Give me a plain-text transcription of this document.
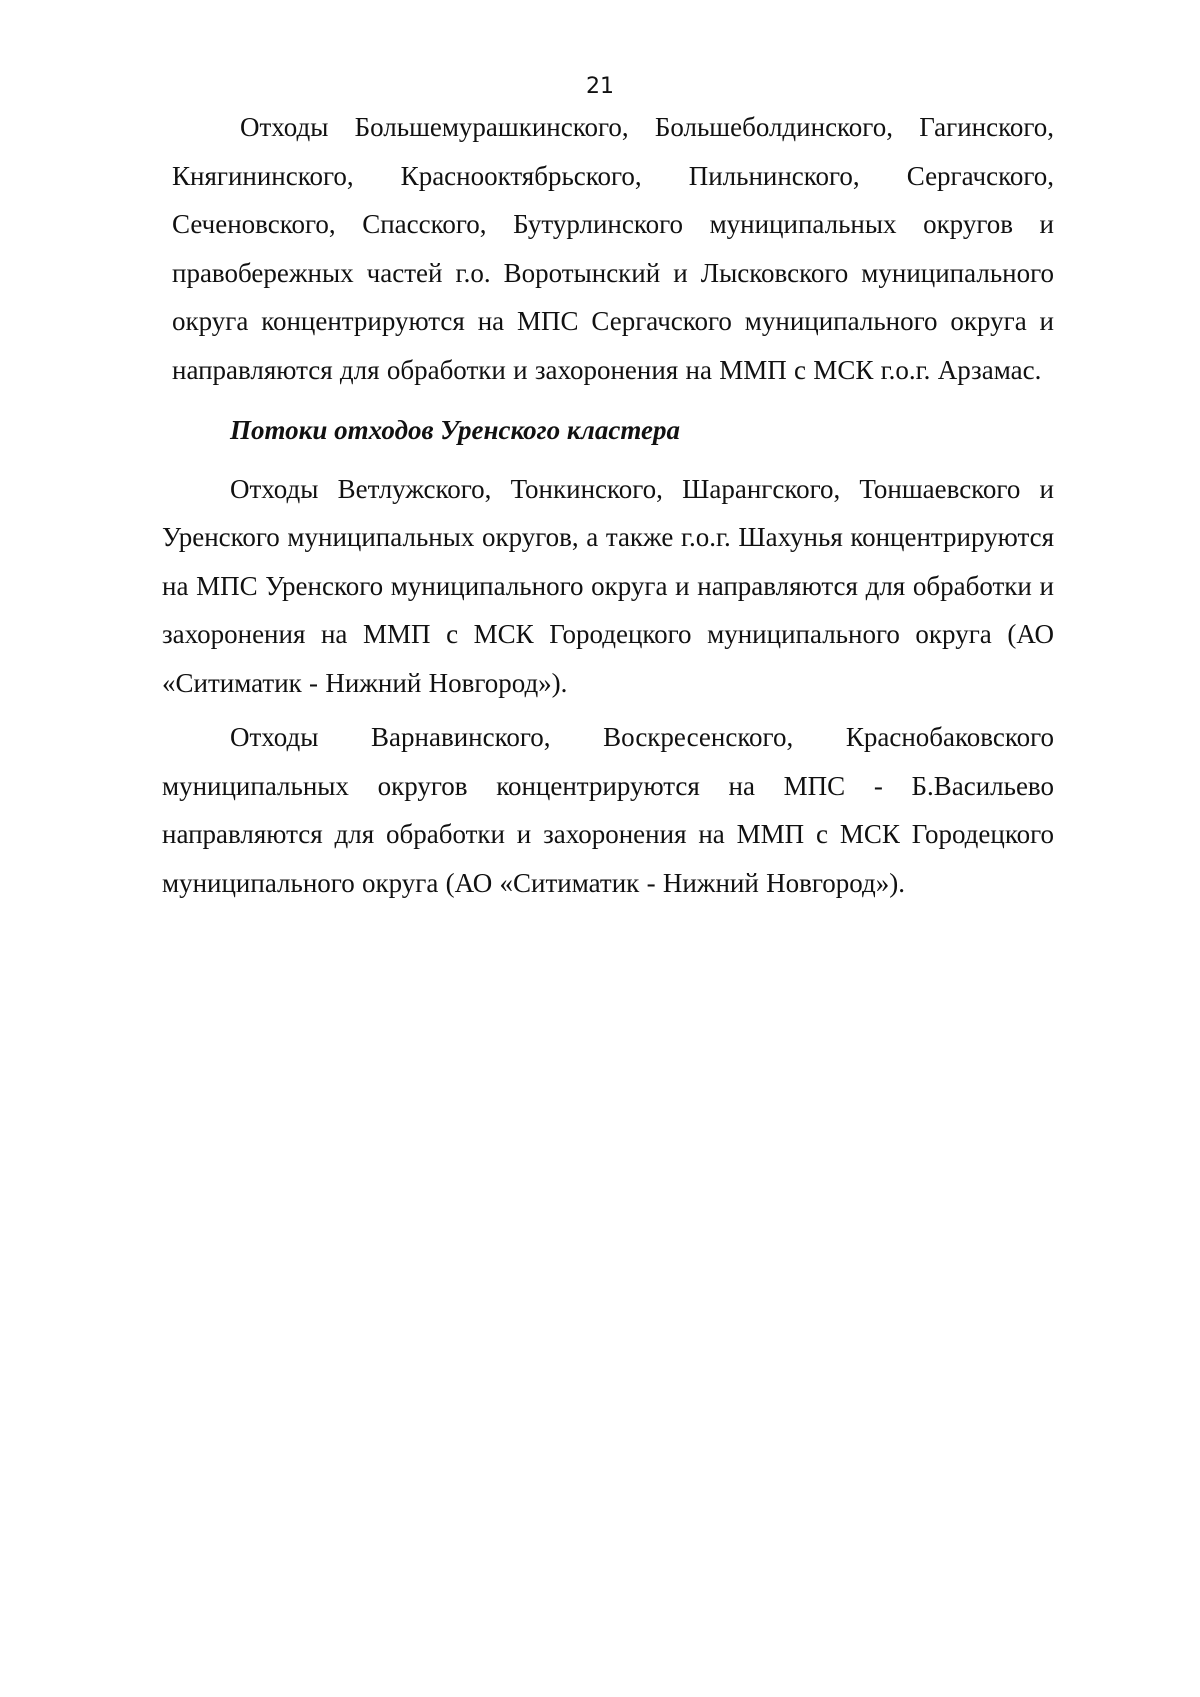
21

Отходы Большемурашкинского, Большеболдинского, Гагинского, Княгининского, Краснооктябрьского, Пильнинского, Сергачского, Сеченовского, Спасского, Бутурлинского муниципальных округов и правобережных частей г.о. Воротынский и Лысковского муниципального округа концентрируются на МПС Сергачского муниципального округа и направляются для обработки и захоронения на ММП с МСК г.о.г. Арзамас.

Потоки отходов Уренского кластера

Отходы Ветлужского, Тонкинского, Шарангского, Тоншаевского и Уренского муниципальных округов, а также г.о.г. Шахунья концентрируются на МПС Уренского муниципального округа и направляются для обработки и захоронения на ММП с МСК Городецкого муниципального округа (АО «Ситиматик - Нижний Новгород»).

Отходы Варнавинского, Воскресенского, Краснобаковского муниципальных округов концентрируются на МПС - Б.Васильево направляются для обработки и захоронения на ММП с МСК Городецкого муниципального округа (АО «Ситиматик - Нижний Новгород»).
